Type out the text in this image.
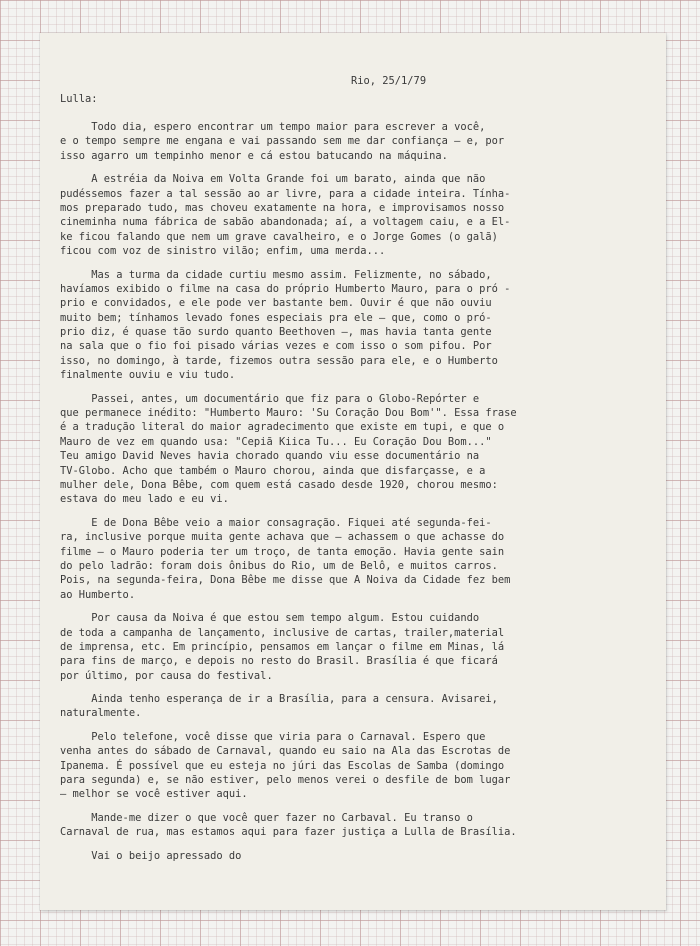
Rio, 25/1/79
Lulla:
Todo dia, espero encontrar um tempo maior para escrever a você,
e o tempo sempre me engana e vai passando sem me dar confiança — e, por
isso agarro um tempinho menor e cá estou batucando na máquina.
A estréia da Noiva em Volta Grande foi um barato, ainda que não
pudéssemos fazer a tal sessão ao ar livre, para a cidade inteira. Tínha-
mos preparado tudo, mas choveu exatamente na hora, e improvisamos nosso
cineminha numa fábrica de sabão abandonada; aí, a voltagem caiu, e a El-
ke ficou falando que nem um grave cavalheiro, e o Jorge Gomes (o galã)
ficou com voz de sinistro vilão; enfim, uma merda...
Mas a turma da cidade curtiu mesmo assim. Felizmente, no sábado,
havíamos exibido o filme na casa do próprio Humberto Mauro, para o pró -
prio e convidados, e ele pode ver bastante bem. Ouvir é que não ouviu
muito bem; tínhamos levado fones especiais pra ele — que, como o pró-
prio diz, é quase tão surdo quanto Beethoven —, mas havia tanta gente
na sala que o fio foi pisado várias vezes e com isso o som pifou. Por
isso, no domingo, à tarde, fizemos outra sessão para ele, e o Humberto
finalmente ouviu e viu tudo.
Passei, antes, um documentário que fiz para o Globo-Repórter e
que permanece inédito: "Humberto Mauro: 'Su Coração Dou Bom'". Essa frase
é a tradução literal do maior agradecimento que existe em tupi, e que o
Mauro de vez em quando usa: "Cepiã Kiica Tu... Eu Coração Dou Bom..."
Teu amigo David Neves havia chorado quando viu esse documentário na
TV-Globo. Acho que também o Mauro chorou, ainda que disfarçasse, e a
mulher dele, Dona Bêbe, com quem está casado desde 1920, chorou mesmo:
estava do meu lado e eu vi.
E de Dona Bêbe veio a maior consagração. Fiquei até segunda-fei-
ra, inclusive porque muita gente achava que — achassem o que achasse do
filme — o Mauro poderia ter um troço, de tanta emoção. Havia gente sain
do pelo ladrão: foram dois ônibus do Rio, um de Belô, e muitos carros.
Pois, na segunda-feira, Dona Bêbe me disse que A Noiva da Cidade fez bem
ao Humberto.
Por causa da Noiva é que estou sem tempo algum. Estou cuidando
de toda a campanha de lançamento, inclusive de cartas, trailer,material
de imprensa, etc. Em princípio, pensamos em lançar o filme em Minas, lá
para fins de março, e depois no resto do Brasil. Brasília é que ficará
por último, por causa do festival.
Ainda tenho esperança de ir a Brasília, para a censura. Avisarei,
naturalmente.
Pelo telefone, você disse que viria para o Carnaval. Espero que
venha antes do sábado de Carnaval, quando eu saio na Ala das Escrotas de
Ipanema. É possível que eu esteja no júri das Escolas de Samba (domingo
para segunda) e, se não estiver, pelo menos verei o desfile de bom lugar
— melhor se você estiver aqui.
Mande-me dizer o que você quer fazer no Carbaval. Eu transo o
Carnaval de rua, mas estamos aqui para fazer justiça a Lulla de Brasília.
Vai o beijo apressado do
